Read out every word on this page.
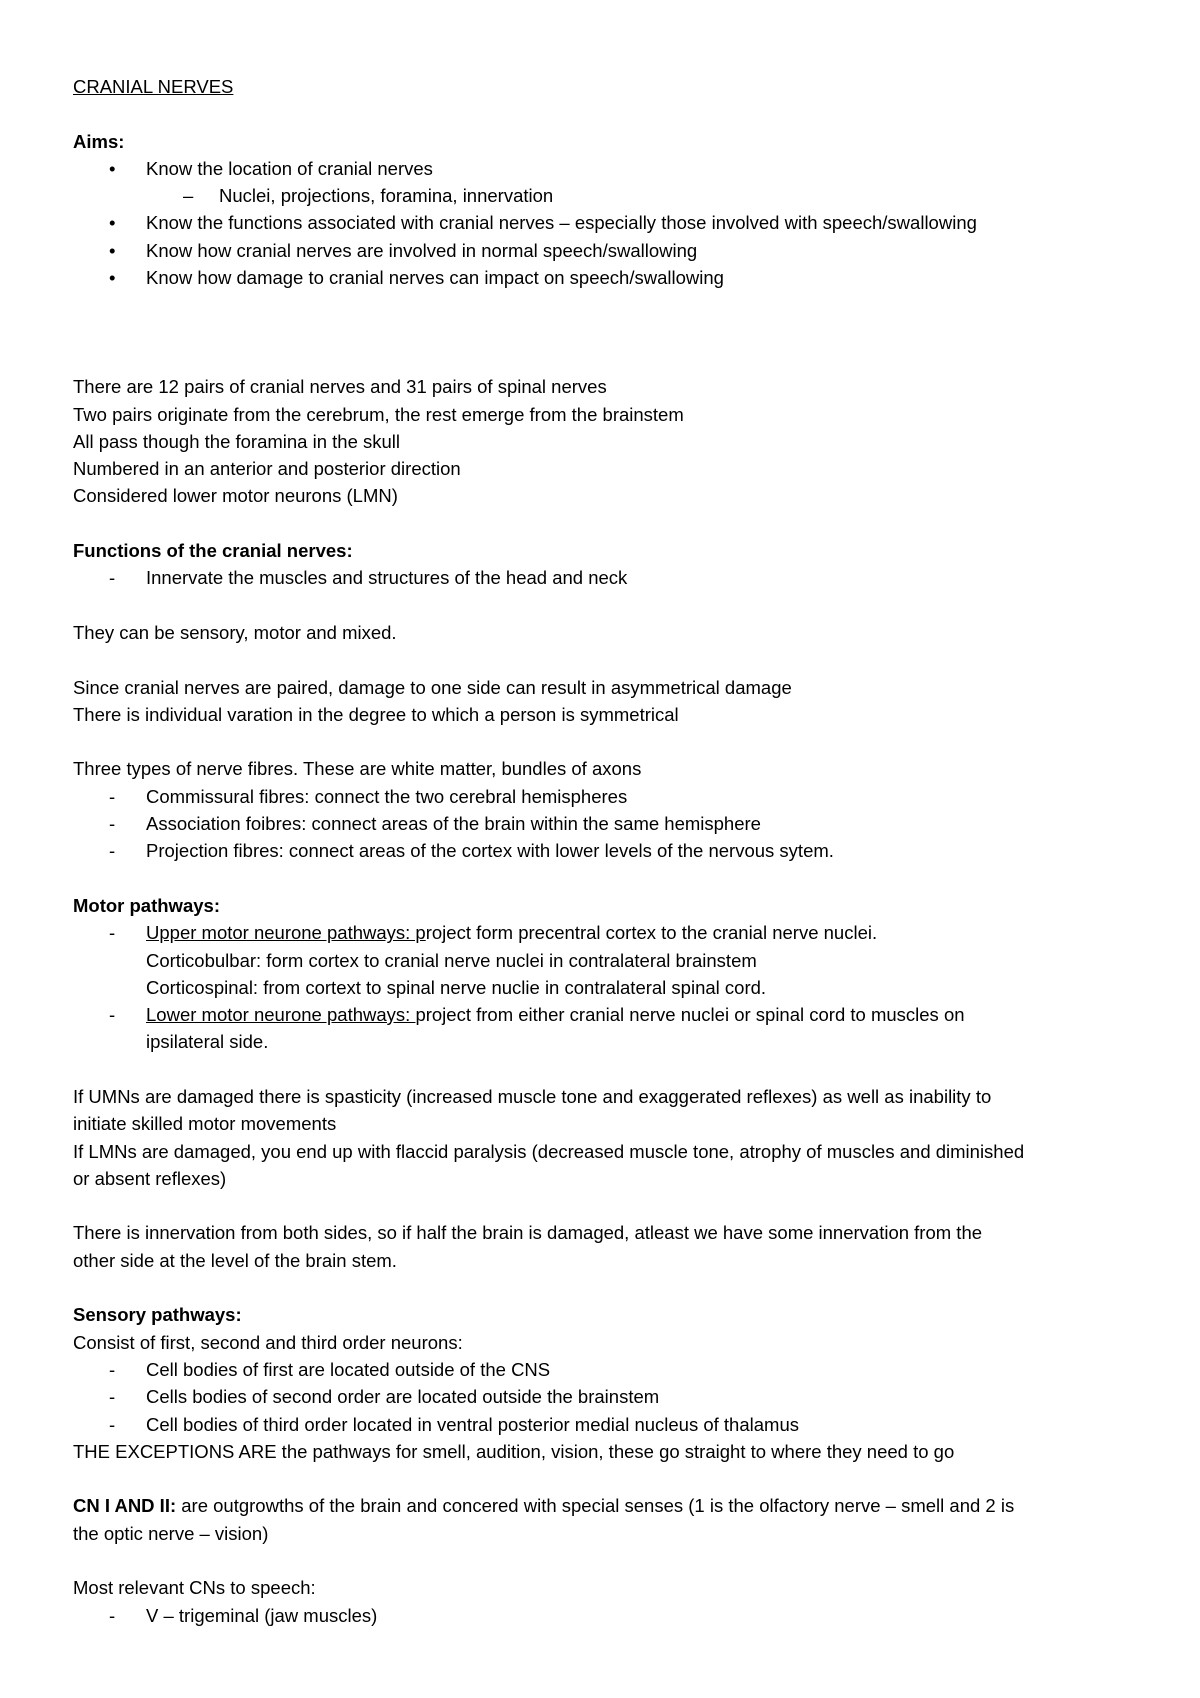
CRANIAL NERVES

Aims:

• Know the location of cranial nerves

– Nuclei, projections, foramina, innervation

• Know the functions associated with cranial nerves – especially those involved with speech/swallowing

• Know how cranial nerves are involved in normal speech/swallowing

• Know how damage to cranial nerves can impact on speech/swallowing

There are 12 pairs of cranial nerves and 31 pairs of spinal nerves

Two pairs originate from the cerebrum, the rest emerge from the brainstem

All pass though the foramina in the skull

Numbered in an anterior and posterior direction

Considered lower motor neurons (LMN)

Functions of the cranial nerves:

- Innervate the muscles and structures of the head and neck

They can be sensory, motor and mixed.

Since cranial nerves are paired, damage to one side can result in asymmetrical damage

There is individual varation in the degree to which a person is symmetrical

Three types of nerve fibres. These are white matter, bundles of axons

- Commissural fibres: connect the two cerebral hemispheres

- Association foibres: connect areas of the brain within the same hemisphere

- Projection fibres: connect areas of the cortex with lower levels of the nervous sytem.

Motor pathways:

- Upper motor neurone pathways: project form precentral cortex to the cranial nerve nuclei.

Corticobulbar: form cortex to cranial nerve nuclei in contralateral brainstem

Corticospinal: from cortext to spinal nerve nuclie in contralateral spinal cord.

- Lower motor neurone pathways: project from either cranial nerve nuclei or spinal cord to muscles on

ipsilateral side.

If UMNs are damaged there is spasticity (increased muscle tone and exaggerated reflexes) as well as inability to

initiate skilled motor movements

If LMNs are damaged, you end up with flaccid paralysis (decreased muscle tone, atrophy of muscles and diminished

or absent reflexes)

There is innervation from both sides, so if half the brain is damaged, atleast we have some innervation from the

other side at the level of the brain stem.

Sensory pathways:

Consist of first, second and third order neurons:

- Cell bodies of first are located outside of the CNS

- Cells bodies of second order are located outside the brainstem

- Cell bodies of third order located in ventral posterior medial nucleus of thalamus

THE EXCEPTIONS ARE the pathways for smell, audition, vision, these go straight to where they need to go

CN I AND II: are outgrowths of the brain and concered with special senses (1 is the olfactory nerve – smell and 2 is

the optic nerve – vision)

Most relevant CNs to speech:

- V – trigeminal (jaw muscles)
